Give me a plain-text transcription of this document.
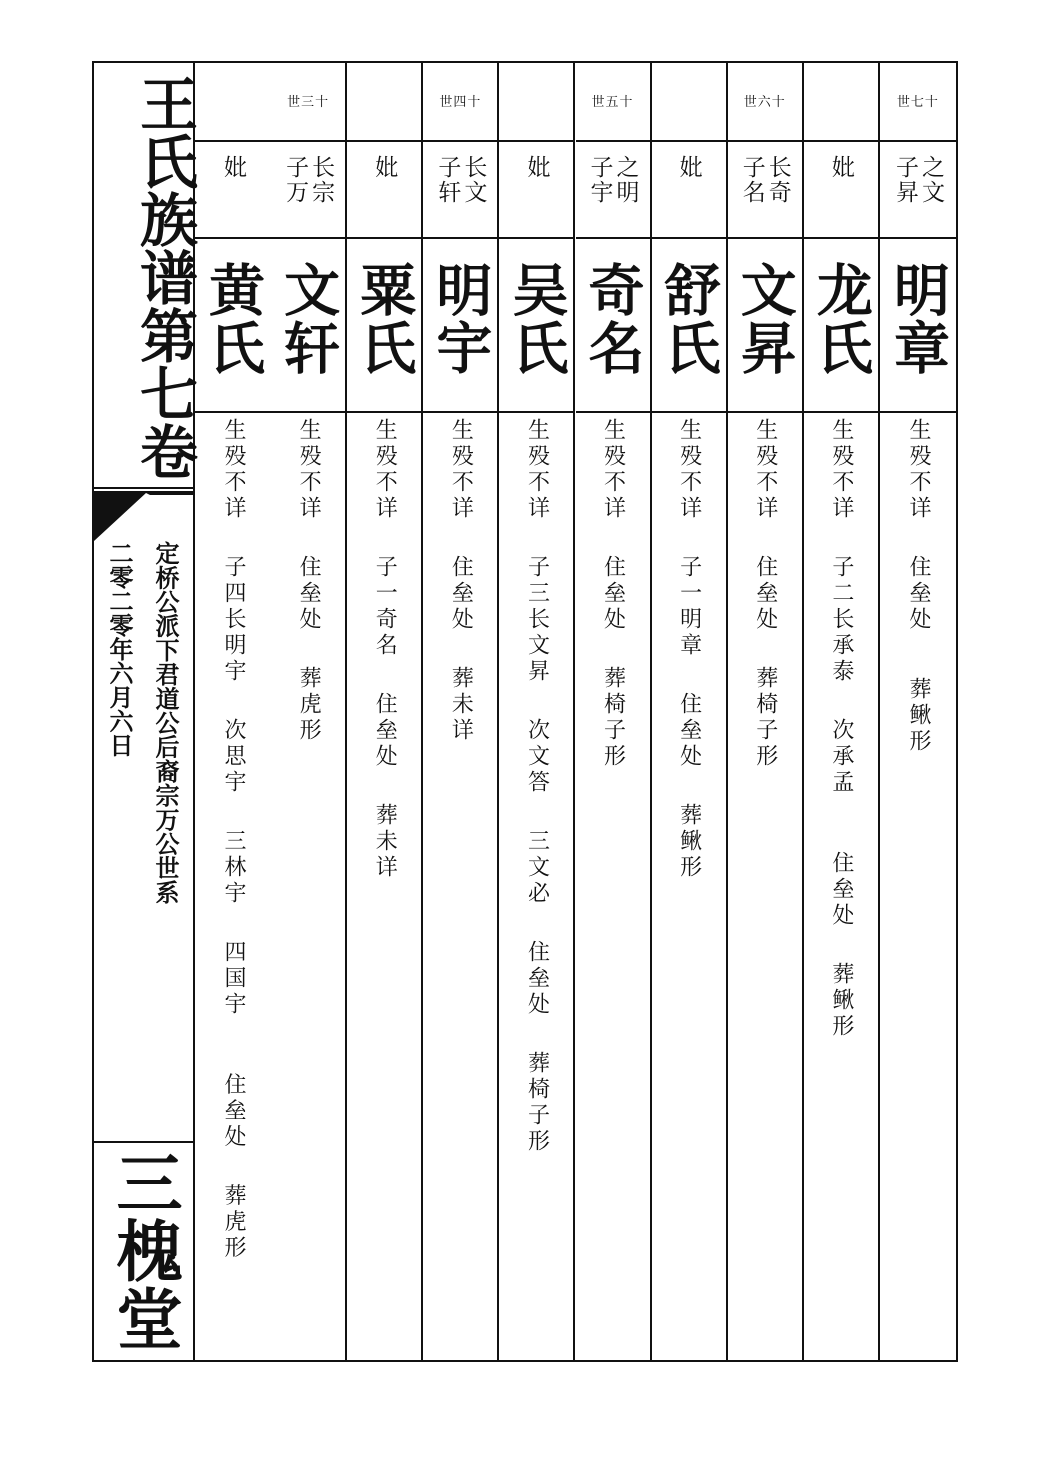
王氏族谱第七卷
定桥公派下君道公后裔宗万公世系
二零二零年六月六日
三槐堂
世七十
之文
子昇
明章
生殁不详   住垒处    葬鳅形
妣
龙氏
生殁不详   子二长承泰   次承孟     住垒处   葬鳅形
世六十
长奇
子名
文昇
生殁不详   住垒处   葬椅子形
妣
舒氏
生殁不详   子一明章   住垒处   葬鳅形
世五十
之明
子宇
奇名
生殁不详   住垒处   葬椅子形
妣
吴氏
生殁不详   子三长文昇   次文答   三文必   住垒处   葬椅子形
世四十
长文
子轩
明宇
生殁不详   住垒处   葬未详
妣
粟氏
生殁不详   子一奇名   住垒处   葬未详
世三十
长宗
子万
文轩
生殁不详   住垒处   葬虎形
妣
黄氏
生殁不详   子四长明宇   次思宇   三林宇   四国宇     住垒处   葬虎形
